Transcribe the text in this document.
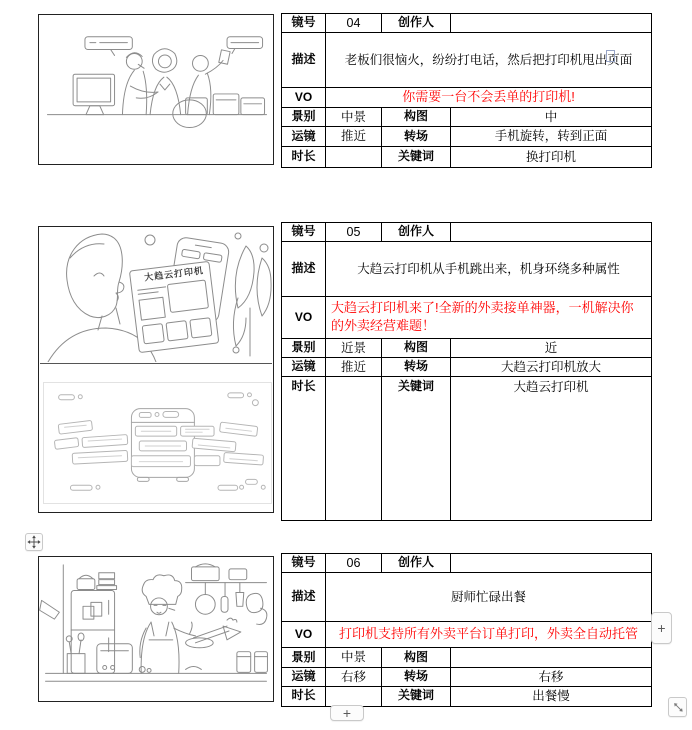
镜号	04	创作人	
描述	老板们很恼火，纷纷打电话，然后把打印机甩出页面		
VO	你需要一台不会丢单的打印机!		
景别	中景	构图	中
运镜	推近	转场	手机旋转，转到正面
时长		关键词	换打印机
大趋云打印机
镜号	05	创作人	
描述	大趋云打印机从手机跳出来，机身环绕多种属性		
VO	大趋云打印机来了!全新的外卖接单神器，一机解决你的外卖经营难题！		
景别	近景	构图	近
运镜	推近	转场	大趋云打印机放大
时长		关键词	大趋云打印机
镜号	06	创作人	
描述	厨师忙碌出餐		
VO	打印机支持所有外卖平台订单打印，外卖全自动托管		
景别	中景	构图	
运镜	右移	转场	右移
时长		关键词	出餐慢
+
+
